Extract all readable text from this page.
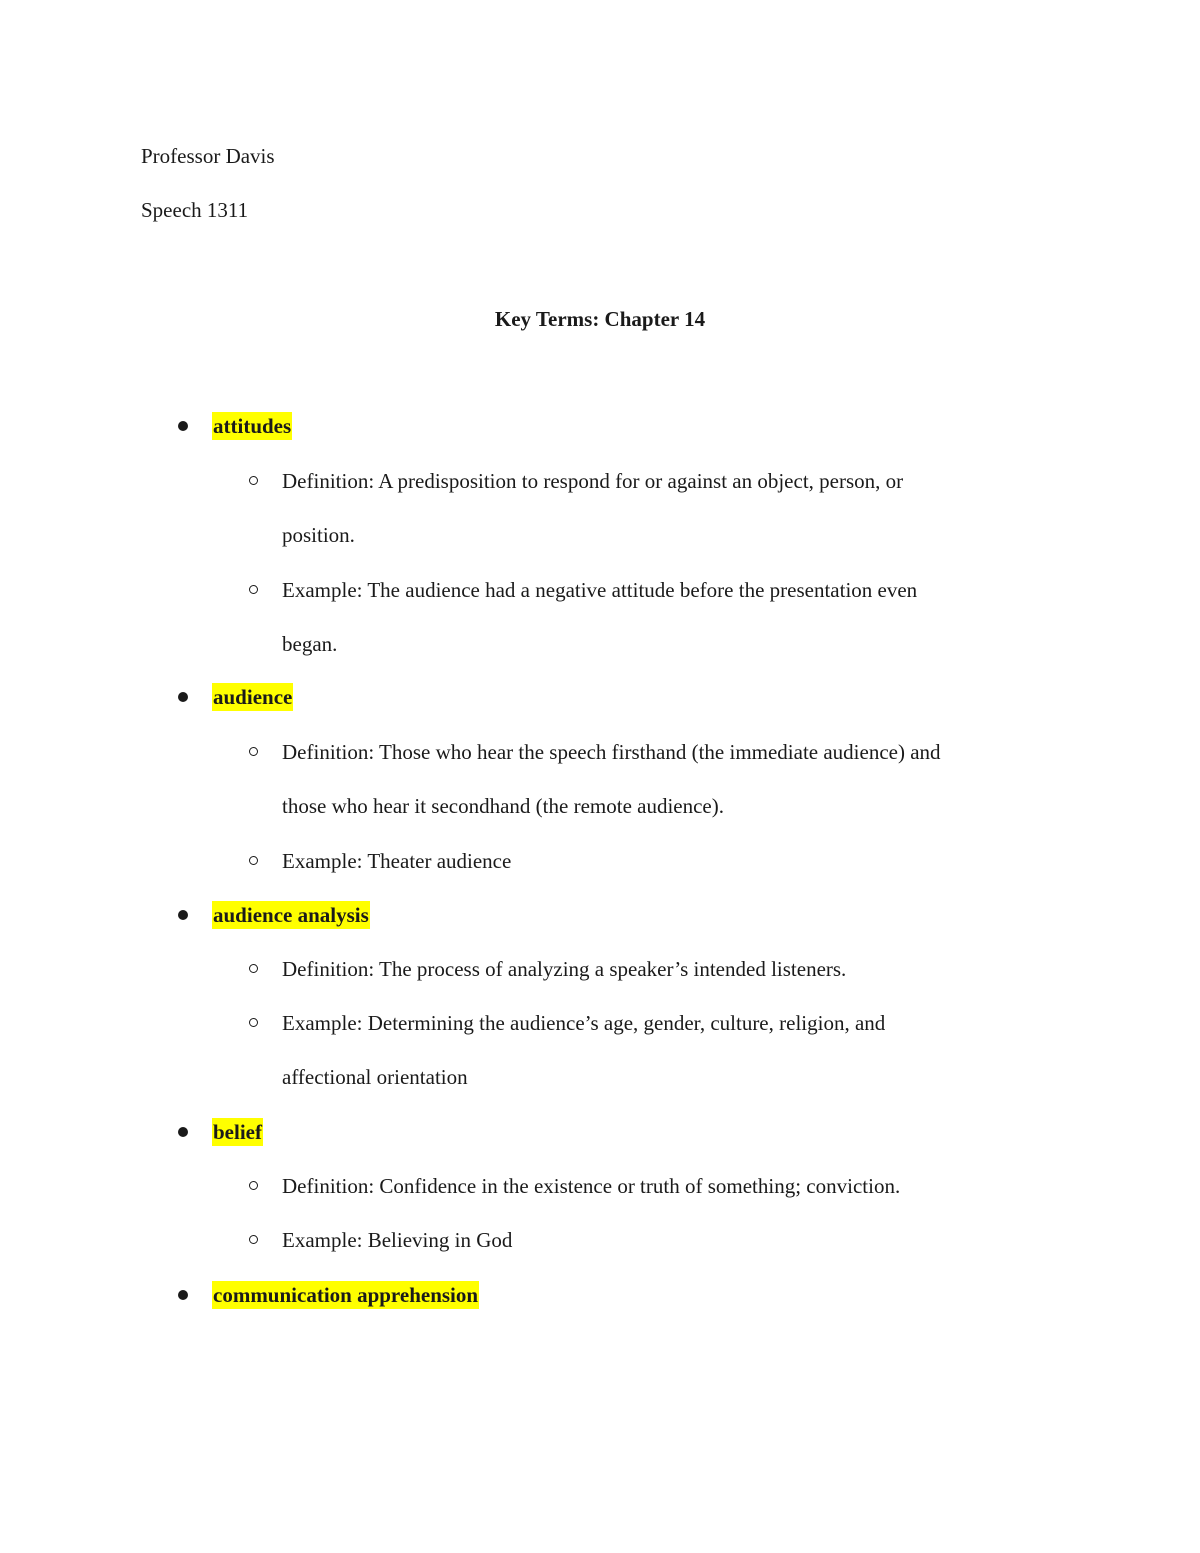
Professor Davis
Speech 1311
Key Terms: Chapter 14
attitudes
Definition: A predisposition to respond for or against an object, person, or
position.
Example: The audience had a negative attitude before the presentation even
began.
audience
Definition: Those who hear the speech firsthand (the immediate audience) and
those who hear it secondhand (the remote audience).
Example: Theater audience
audience analysis
Definition: The process of analyzing a speaker’s intended listeners.
Example: Determining the audience’s age, gender, culture, religion, and
affectional orientation
belief
Definition: Confidence in the existence or truth of something; conviction.
Example: Believing in God
communication apprehension
